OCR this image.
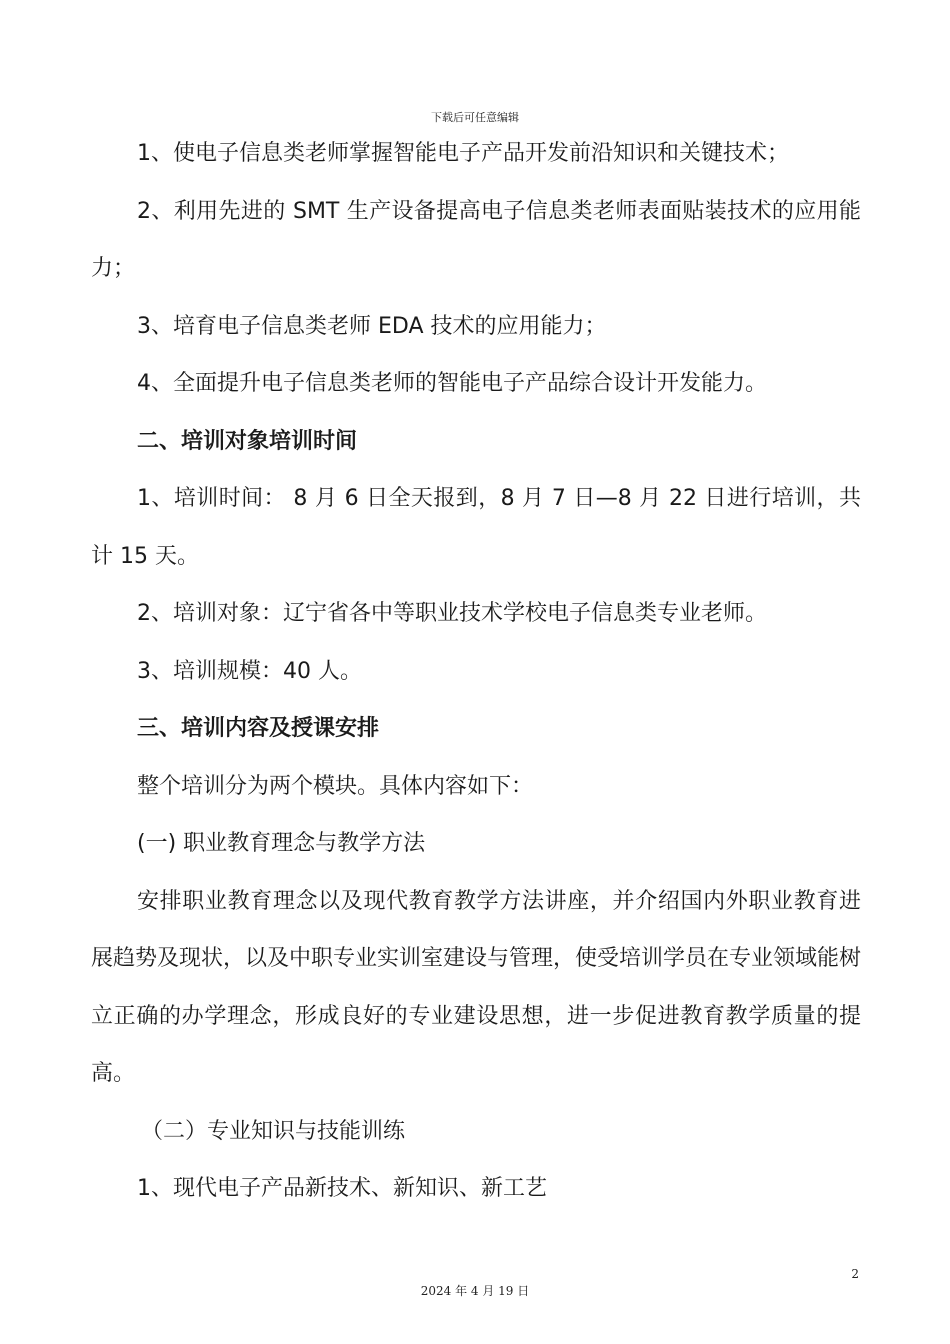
下载后可任意编辑

1、使电子信息类老师掌握智能电子产品开发前沿知识和关键技术；

2、利用先进的 SMT 生产设备提高电子信息类老师表面贴装技术的应用能力；

3、培育电子信息类老师 EDA 技术的应用能力；

4、全面提升电子信息类老师的智能电子产品综合设计开发能力。

二、培训对象培训时间

1、培训时间： 8 月 6 日全天报到，8 月 7 日—8 月 22 日进行培训，共计 15 天。

2、培训对象：辽宁省各中等职业技术学校电子信息类专业老师。

3、培训规模：40 人。

三、培训内容及授课安排

整个培训分为两个模块。具体内容如下：

(一) 职业教育理念与教学方法

安排职业教育理念以及现代教育教学方法讲座，并介绍国内外职业教育进展趋势及现状，以及中职专业实训室建设与管理，使受培训学员在专业领域能树立正确的办学理念，形成良好的专业建设思想，进一步促进教育教学质量的提高。

（二）专业知识与技能训练

1、现代电子产品新技术、新知识、新工艺

2
2024 年 4 月 19 日
